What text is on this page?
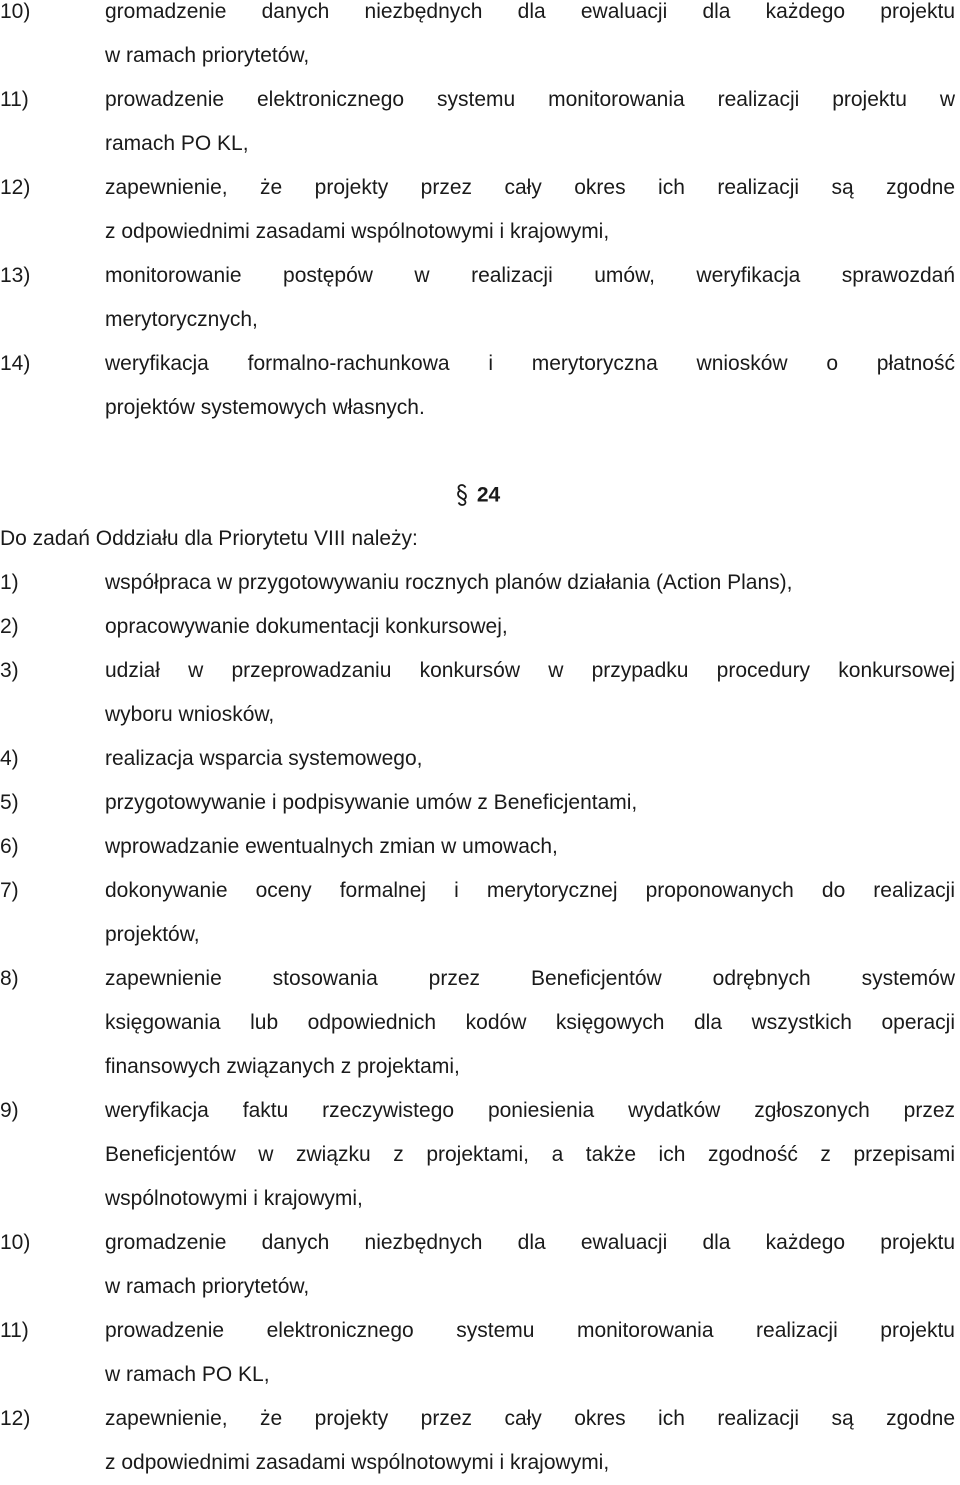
10)	gromadzenie danych niezbędnych dla ewaluacji dla każdego projektu
w ramach priorytetów,
11)	prowadzenie elektronicznego systemu monitorowania realizacji projektu w
ramach PO KL,
12)	zapewnienie, że projekty przez cały okres ich realizacji są zgodne
z odpowiednimi zasadami wspólnotowymi i krajowymi,
13)	monitorowanie postępów w realizacji umów, weryfikacja sprawozdań
merytorycznych,
14)	weryfikacja formalno-rachunkowa i merytoryczna wniosków o płatność
projektów systemowych własnych.
24
Do zadań Oddziału dla Priorytetu VIII należy:
1)	współpraca w przygotowywaniu rocznych planów działania (Action Plans),
2)	opracowywanie dokumentacji konkursowej,
3)	udział w przeprowadzaniu konkursów w przypadku procedury konkursowej
wyboru wniosków,
4)	realizacja wsparcia systemowego,
5)	przygotowywanie i podpisywanie umów z Beneficjentami,
6)	wprowadzanie ewentualnych zmian w umowach,
7)	dokonywanie oceny formalnej i merytorycznej proponowanych do realizacji
projektów,
8)	zapewnienie stosowania przez Beneficjentów odrębnych systemów
księgowania lub odpowiednich kodów księgowych dla wszystkich operacji
finansowych związanych z projektami,
9)	weryfikacja faktu rzeczywistego poniesienia wydatków zgłoszonych przez
Beneficjentów w związku z projektami, a także ich zgodność z przepisami
wspólnotowymi i krajowymi,
10)	gromadzenie danych niezbędnych dla ewaluacji dla każdego projektu
w ramach priorytetów,
11)	prowadzenie elektronicznego systemu monitorowania realizacji projektu
w ramach PO KL,
12)	zapewnienie, że projekty przez cały okres ich realizacji są zgodne
z odpowiednimi zasadami wspólnotowymi i krajowymi,
